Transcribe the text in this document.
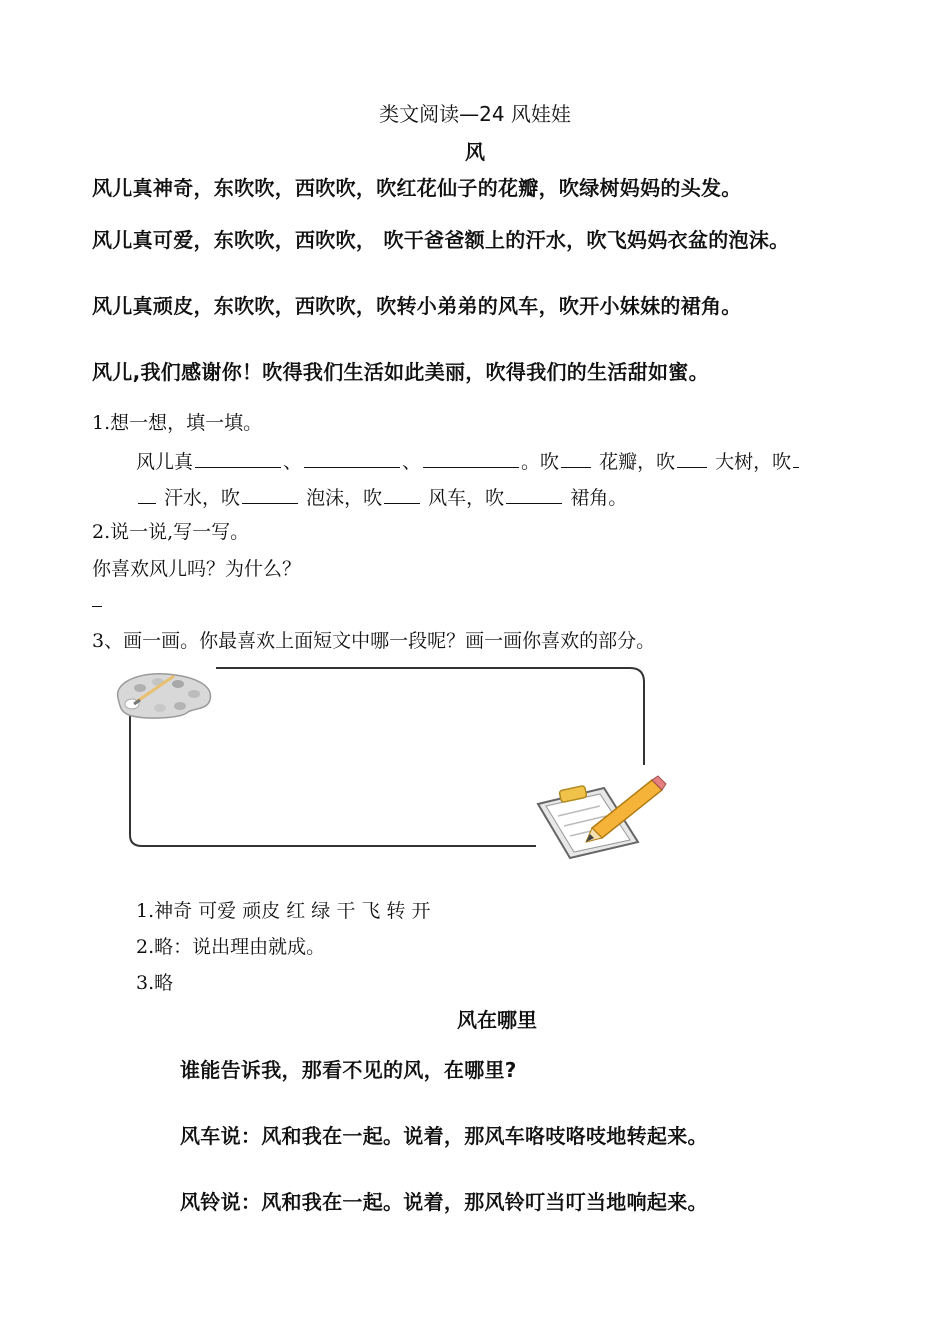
类文阅读—24 风娃娃
风
风儿真神奇，东吹吹，西吹吹，吹红花仙子的花瓣，吹绿树妈妈的头发。
风儿真可爱，东吹吹，西吹吹， 吹干爸爸额上的汗水，吹飞妈妈衣盆的泡沫。
风儿真顽皮，东吹吹，西吹吹，吹转小弟弟的风车，吹开小妹妹的裙角。
风儿,我们感谢你！吹得我们生活如此美丽，吹得我们的生活甜如蜜。
1.想一想，填一填。
风儿真	、	、	。吹 花瓣，吹 大树，吹
汗水，吹	泡沫，吹 风车，吹	裙角。
2.说一说,写一写。
你喜欢风儿吗？为什么？
3、画一画。你最喜欢上面短文中哪一段呢？画一画你喜欢的部分。
1.神奇 可爱 顽皮 红 绿 干 飞 转 开
2.略：说出理由就成。
3.略
风在哪里
谁能告诉我，那看不见的风，在哪里?
风车说：风和我在一起。说着，那风车咯吱咯吱地转起来。
风铃说：风和我在一起。说着，那风铃叮当叮当地响起来。
